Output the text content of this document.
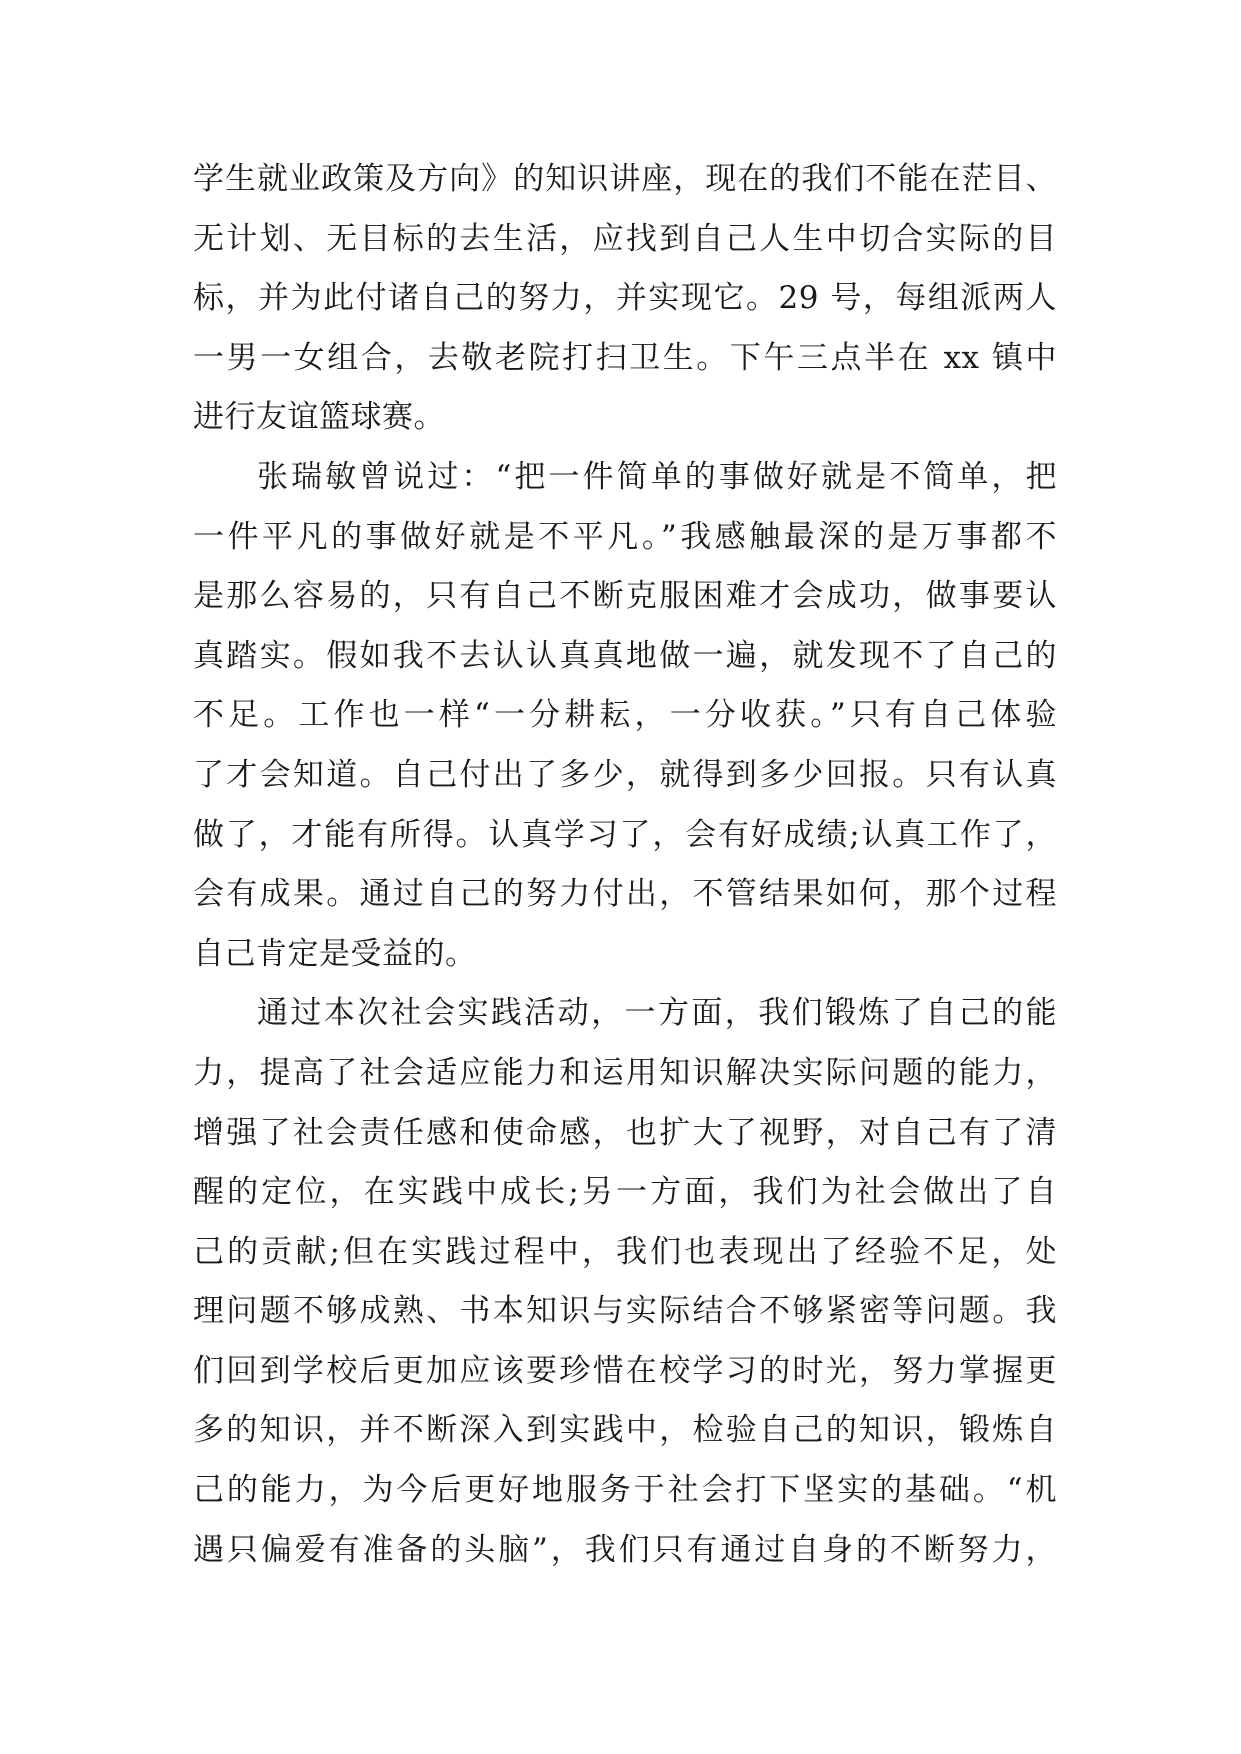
学生就业政策及方向》的知识讲座，现在的我们不能在茫目、
无计划、无目标的去生活，应找到自己人生中切合实际的目
标，并为此付诸自己的努力，并实现它。29 号，每组派两人
一男一女组合，去敬老院打扫卫生。下午三点半在 xx 镇中
进行友谊篮球赛。
张瑞敏曾说过：“把一件简单的事做好就是不简单，把
一件平凡的事做好就是不平凡。”我感触最深的是万事都不
是那么容易的，只有自己不断克服困难才会成功，做事要认
真踏实。假如我不去认认真真地做一遍，就发现不了自己的
不足。工作也一样“一分耕耘，一分收获。”只有自己体验
了才会知道。自己付出了多少，就得到多少回报。只有认真
做了，才能有所得。认真学习了，会有好成绩;认真工作了，
会有成果。通过自己的努力付出，不管结果如何，那个过程
自己肯定是受益的。
通过本次社会实践活动，一方面，我们锻炼了自己的能
力，提高了社会适应能力和运用知识解决实际问题的能力，
增强了社会责任感和使命感，也扩大了视野，对自己有了清
醒的定位，在实践中成长;另一方面，我们为社会做出了自
己的贡献;但在实践过程中，我们也表现出了经验不足，处
理问题不够成熟、书本知识与实际结合不够紧密等问题。我
们回到学校后更加应该要珍惜在校学习的时光，努力掌握更
多的知识，并不断深入到实践中，检验自己的知识，锻炼自
己的能力，为今后更好地服务于社会打下坚实的基础。“机
遇只偏爱有准备的头脑”，我们只有通过自身的不断努力，
